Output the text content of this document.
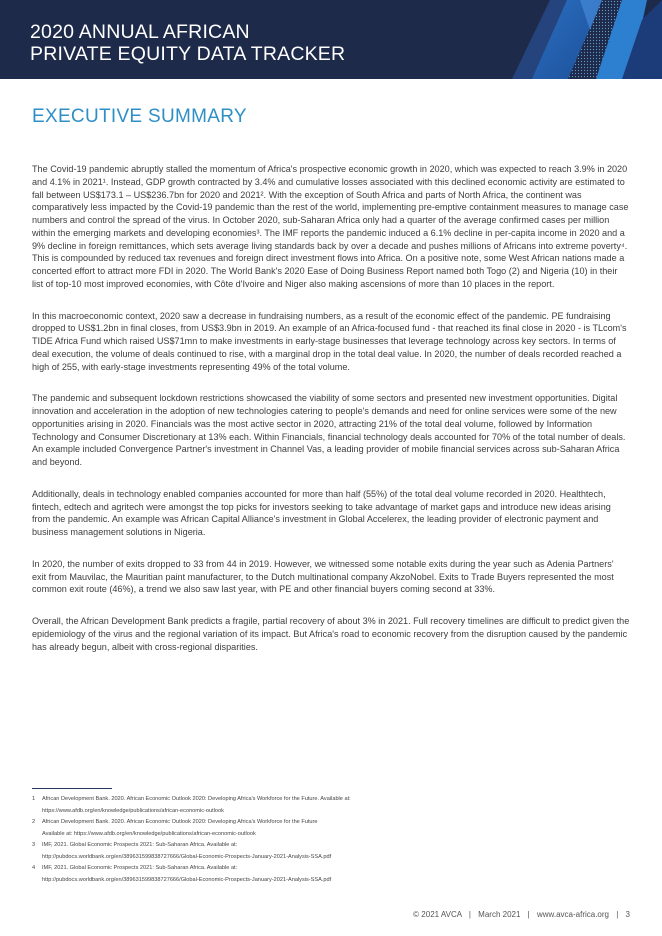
2020 ANNUAL AFRICAN
PRIVATE EQUITY DATA TRACKER
EXECUTIVE SUMMARY

The Covid-19 pandemic abruptly stalled the momentum of Africa's prospective economic growth in 2020, which was expected to reach 3.9% in 2020 and 4.1% in 2021¹. Instead, GDP growth contracted by 3.4% and cumulative losses associated with this declined economic activity are estimated to fall between US$173.1 – US$236.7bn for 2020 and 2021². With the exception of South Africa and parts of North Africa, the continent was comparatively less impacted by the Covid-19 pandemic than the rest of the world, implementing pre-emptive containment measures to manage case numbers and control the spread of the virus. In October 2020, sub-Saharan Africa only had a quarter of the average confirmed cases per million within the emerging markets and developing economies³. The IMF reports the pandemic induced a 6.1% decline in per-capita income in 2020 and a 9% decline in foreign remittances, which sets average living standards back by over a decade and pushes millions of Africans into extreme poverty⁴. This is compounded by reduced tax revenues and foreign direct investment flows into Africa. On a positive note, some West African nations made a concerted effort to attract more FDI in 2020. The World Bank's 2020 Ease of Doing Business Report named both Togo (2) and Nigeria (10) in their list of top-10 most improved economies, with Côte d'Ivoire and Niger also making ascensions of more than 10 places in the report.

In this macroeconomic context, 2020 saw a decrease in fundraising numbers, as a result of the economic effect of the pandemic. PE fundraising dropped to US$1.2bn in final closes, from US$3.9bn in 2019. An example of an Africa-focused fund - that reached its final close in 2020 - is TLcom's TIDE Africa Fund which raised US$71mn to make investments in early-stage businesses that leverage technology across key sectors. In terms of deal execution, the volume of deals continued to rise, with a marginal drop in the total deal value. In 2020, the number of deals recorded reached a high of 255, with early-stage investments representing 49% of the total volume.

The pandemic and subsequent lockdown restrictions showcased the viability of some sectors and presented new investment opportunities. Digital innovation and acceleration in the adoption of new technologies catering to people's demands and need for online services were some of the new opportunities arising in 2020. Financials was the most active sector in 2020, attracting 21% of the total deal volume, followed by Information Technology and Consumer Discretionary at 13% each. Within Financials, financial technology deals accounted for 70% of the total number of deals. An example included Convergence Partner's investment in Channel Vas, a leading provider of mobile financial services across sub-Saharan Africa and beyond.

Additionally, deals in technology enabled companies accounted for more than half (55%) of the total deal volume recorded in 2020. Healthtech, fintech, edtech and agritech were amongst the top picks for investors seeking to take advantage of market gaps and introduce new ideas arising from the pandemic. An example was African Capital Alliance's investment in Global Accelerex, the leading provider of electronic payment and business management solutions in Nigeria.

In 2020, the number of exits dropped to 33 from 44 in 2019. However, we witnessed some notable exits during the year such as Adenia Partners' exit from Mauvilac, the Mauritian paint manufacturer, to the Dutch multinational company AkzoNobel. Exits to Trade Buyers represented the most common exit route (46%), a trend we also saw last year, with PE and other financial buyers coming second at 33%.

Overall, the African Development Bank predicts a fragile, partial recovery of about 3% in 2021. Full recovery timelines are difficult to predict given the epidemiology of the virus and the regional variation of its impact. But Africa's road to economic recovery from the disruption caused by the pandemic has already begun, albeit with cross-regional disparities.

1	African Development Bank. 2020. African Economic Outlook 2020: Developing Africa's Workforce for the Future. Available at:
https://www.afdb.org/en/knowledge/publications/african-economic-outlook
2	African Development Bank. 2020. African Economic Outlook 2020: Developing Africa's Workforce for the Future
Available at: https://www.afdb.org/en/knowledge/publications/african-economic-outlook
3	IMF, 2021. Global Economic Prospects 2021: Sub-Saharan Africa. Available at:
http://pubdocs.worldbank.org/en/389631599838727666/Global-Economic-Prospects-January-2021-Analysis-SSA.pdf
4	IMF, 2021. Global Economic Prospects 2021: Sub-Saharan Africa. Available at:
http://pubdocs.worldbank.org/en/389631599838727666/Global-Economic-Prospects-January-2021-Analysis-SSA.pdf
© 2021 AVCA | March 2021 | www.avca-africa.org | 3
